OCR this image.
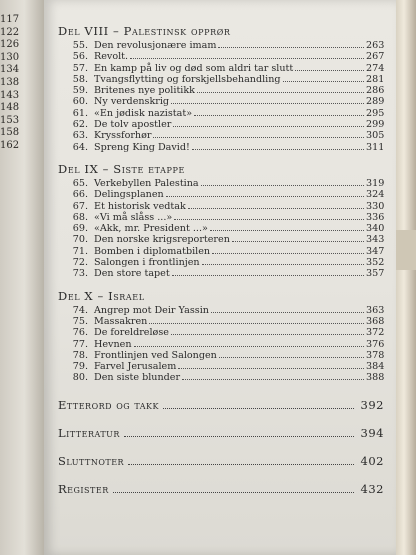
117
122
126
130
134
138
143
148
153
158
162
Del VIII – Palestinsk opprør
55. Den revolusjonære imam	263
56. Revolt.	267
57. En kamp på liv og død som aldri tar slutt	274
58. Tvangsflytting og forskjellsbehandling	281
59. Britenes nye politikk	286
60. Ny verdenskrig	289
61. «En jødisk nazistat»	295
62. De tolv apostler	299
63. Kryssforhør	305
64. Spreng King David!	311
Del IX – Siste etappe
65. Verkebyllen Palestina	319
66. Delingsplanen	324
67. Et historisk vedtak	330
68. «Vi må slåss ...»	336
69. «Akk, mr. President ...»	340
70. Den norske krigsreporteren	343
71. Bomben i diplomatbilen	347
72. Salongen i frontlinjen	352
73. Den store tapet	357
Del X – Israel
74. Angrep mot Deir Yassin	363
75. Massakren	368
76. De foreldreløse	372
77. Hevnen	376
78. Frontlinjen ved Salongen	378
79. Farvel Jerusalem	384
80. Den siste blunder	388
Etterord og takk	392
Litteratur	394
Sluttnoter	402
Register	432
